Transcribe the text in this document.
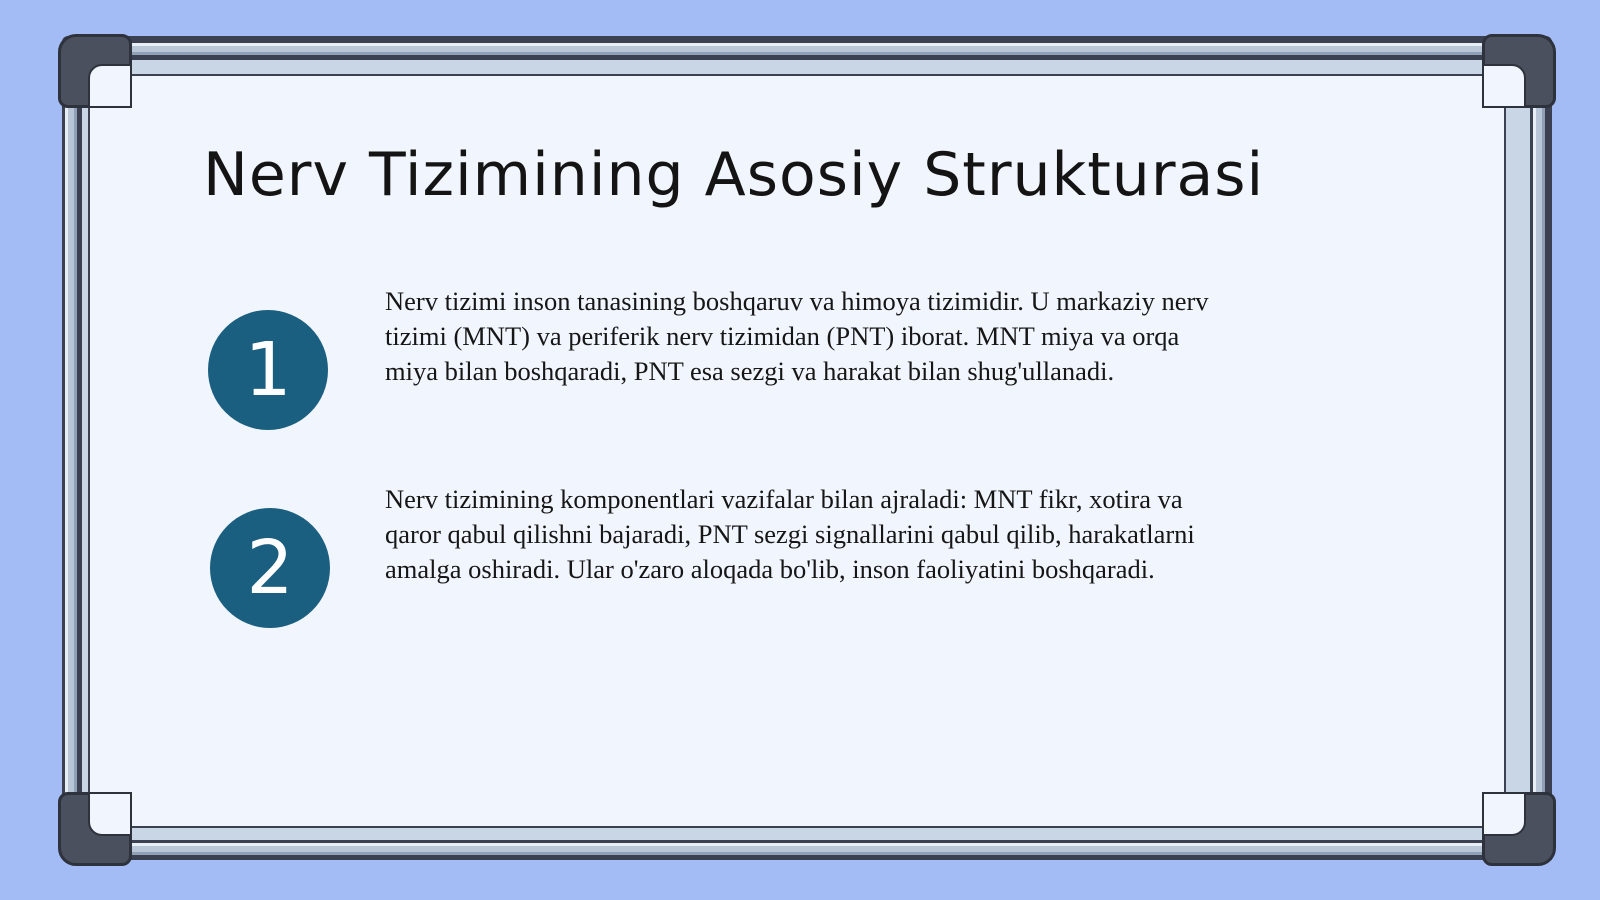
Nerv Tizimining Asosiy Strukturasi
1

Nerv tizimi inson tanasining boshqaruv va himoya tizimidir. U markaziy nerv tizimi (MNT) va periferik nerv tizimidan (PNT) iborat. MNT miya va orqa miya bilan boshqaradi, PNT esa sezgi va harakat bilan shug'ullanadi.

2

Nerv tizimining komponentlari vazifalar bilan ajraladi: MNT fikr, xotira va qaror qabul qilishni bajaradi, PNT sezgi signallarini qabul qilib, harakatlarni amalga oshiradi. Ular o'zaro aloqada bo'lib, inson faoliyatini boshqaradi.
